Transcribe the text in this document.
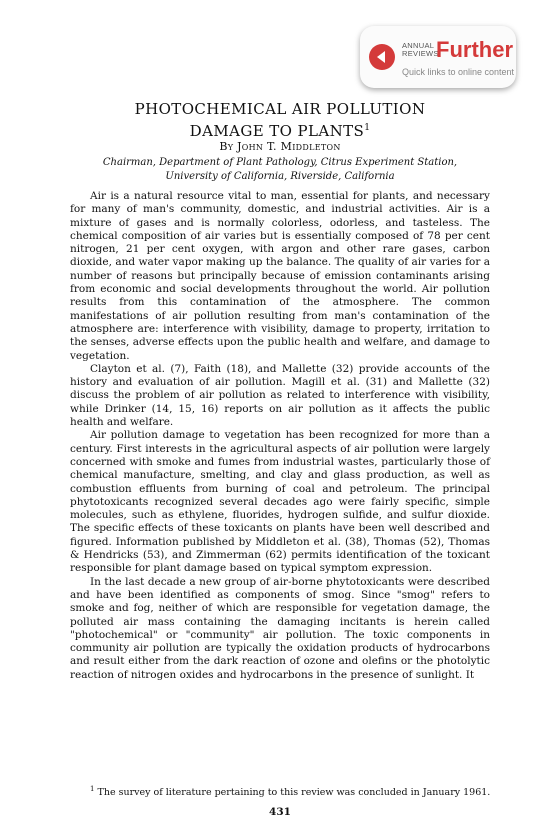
ANNUAL
REVIEWS
Further
Quick links to online content
PHOTOCHEMICAL AIR POLLUTION
DAMAGE TO PLANTS$^1$
By John T. Middleton
Chairman, Department of Plant Pathology, Citrus Experiment Station,
University of California, Riverside, California

Air is a natural resource vital to man, essential for plants, and necessary for many of man's community, domestic, and industrial activities. Air is a mixture of gases and is normally colorless, odorless, and tasteless. The chemical composition of air varies but is essentially composed of 78 per cent nitrogen, 21 per cent oxygen, with argon and other rare gases, carbon dioxide, and water vapor making up the balance. The quality of air varies for a number of reasons but principally because of emission contaminants arising from economic and social developments throughout the world. Air pollution results from this contamination of the atmosphere. The common manifestations of air pollution resulting from man's contamination of the atmosphere are: interference with visibility, damage to property, irritation to the senses, adverse effects upon the public health and welfare, and damage to vegetation.

Clayton et al. (7), Faith (18), and Mallette (32) provide accounts of the history and evaluation of air pollution. Magill et al. (31) and Mallette (32) discuss the problem of air pollution as related to interference with visibility, while Drinker (14, 15, 16) reports on air pollution as it affects the public health and welfare.

Air pollution damage to vegetation has been recognized for more than a century. First interests in the agricultural aspects of air pollution were largely concerned with smoke and fumes from industrial wastes, particularly those of chemical manufacture, smelting, and clay and glass production, as well as combustion effluents from burning of coal and petroleum. The principal phytotoxicants recognized several decades ago were fairly specific, simple molecules, such as ethylene, fluorides, hydrogen sulfide, and sulfur dioxide. The specific effects of these toxicants on plants have been well described and figured. Information published by Middleton et al. (38), Thomas (52), Thomas & Hendricks (53), and Zimmerman (62) permits identification of the toxicant responsible for plant damage based on typical symptom expression.

In the last decade a new group of air-borne phytotoxicants were described and have been identified as components of smog. Since "smog" refers to smoke and fog, neither of which are responsible for vegetation damage, the polluted air mass containing the damaging incitants is herein called "photochemical" or "community" air pollution. The toxic components in community air pollution are typically the oxidation products of hydrocarbons and result either from the dark reaction of ozone and olefins or the photolytic reaction of nitrogen oxides and hydrocarbons in the presence of sunlight. It

$^1$ The survey of literature pertaining to this review was concluded in January 1961.
431
